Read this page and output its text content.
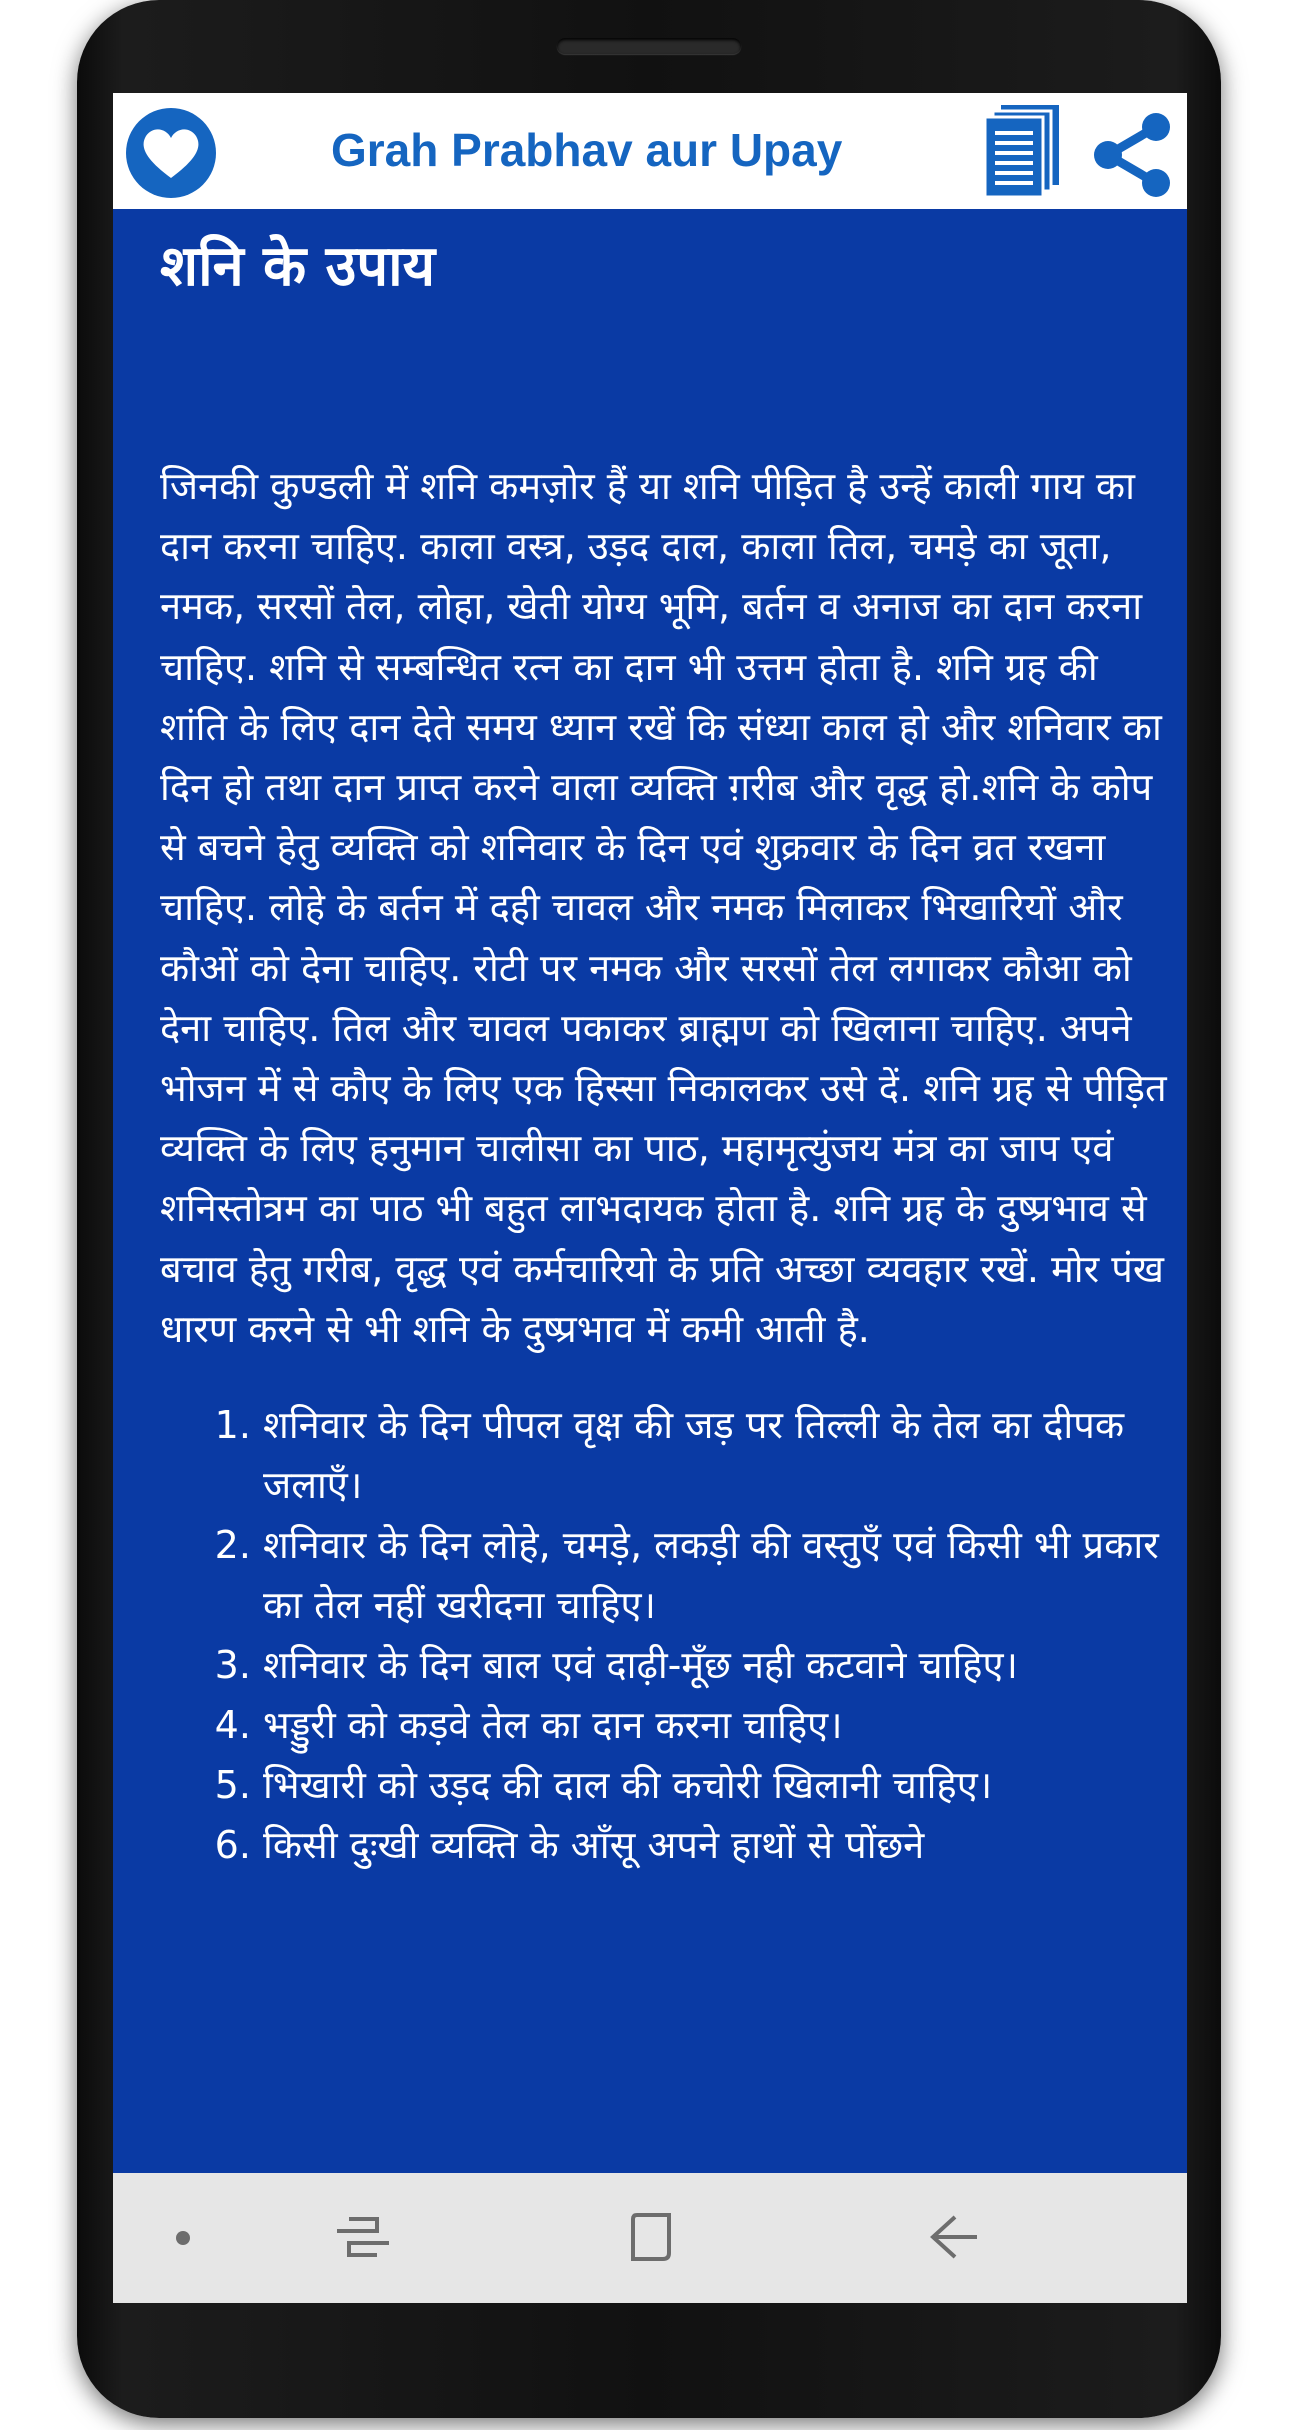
Grah Prabhav aur Upay
शनि के उपाय

जिनकी कुण्डली में शनि कमज़ोर हैं या शनि पीड़ित है उन्हें काली गाय का दान करना चाहिए. काला वस्त्र, उड़द दाल, काला तिल, चमड़े का जूता, नमक, सरसों तेल, लोहा, खेती योग्य भूमि, बर्तन व अनाज का दान करना चाहिए. शनि से सम्बन्धित रत्न का दान भी उत्तम होता है. शनि ग्रह की शांति के लिए दान देते समय ध्यान रखें कि संध्या काल हो और शनिवार का दिन हो तथा दान प्राप्त करने वाला व्यक्ति ग़रीब और वृद्ध हो.शनि के कोप से बचने हेतु व्यक्ति को शनिवार के दिन एवं शुक्रवार के दिन व्रत रखना चाहिए. लोहे के बर्तन में दही चावल और नमक मिलाकर भिखारियों और कौओं को देना चाहिए. रोटी पर नमक और सरसों तेल लगाकर कौआ को देना चाहिए. तिल और चावल पकाकर ब्राह्मण को खिलाना चाहिए. अपने भोजन में से कौए के लिए एक हिस्सा निकालकर उसे दें. शनि ग्रह से पीड़ित व्यक्ति के लिए हनुमान चालीसा का पाठ, महामृत्युंजय मंत्र का जाप एवं शनिस्तोत्रम का पाठ भी बहुत लाभदायक होता है. शनि ग्रह के दुष्प्रभाव से बचाव हेतु गरीब, वृद्ध एवं कर्मचारियो के प्रति अच्छा व्यवहार रखें. मोर पंख धारण करने से भी शनि के दुष्प्रभाव में कमी आती है.

1. शनिवार के दिन पीपल वृक्ष की जड़ पर तिल्ली के तेल का दीपक जलाएँ।
2. शनिवार के दिन लोहे, चमड़े, लकड़ी की वस्तुएँ एवं किसी भी प्रकार का तेल नहीं खरीदना चाहिए।
3. शनिवार के दिन बाल एवं दाढ़ी-मूँछ नही कटवाने चाहिए।
4. भड्डुरी को कड़वे तेल का दान करना चाहिए।
5. भिखारी को उड़द की दाल की कचोरी खिलानी चाहिए।
6. किसी दुःखी व्यक्ति के आँसू अपने हाथों से पोंछने
